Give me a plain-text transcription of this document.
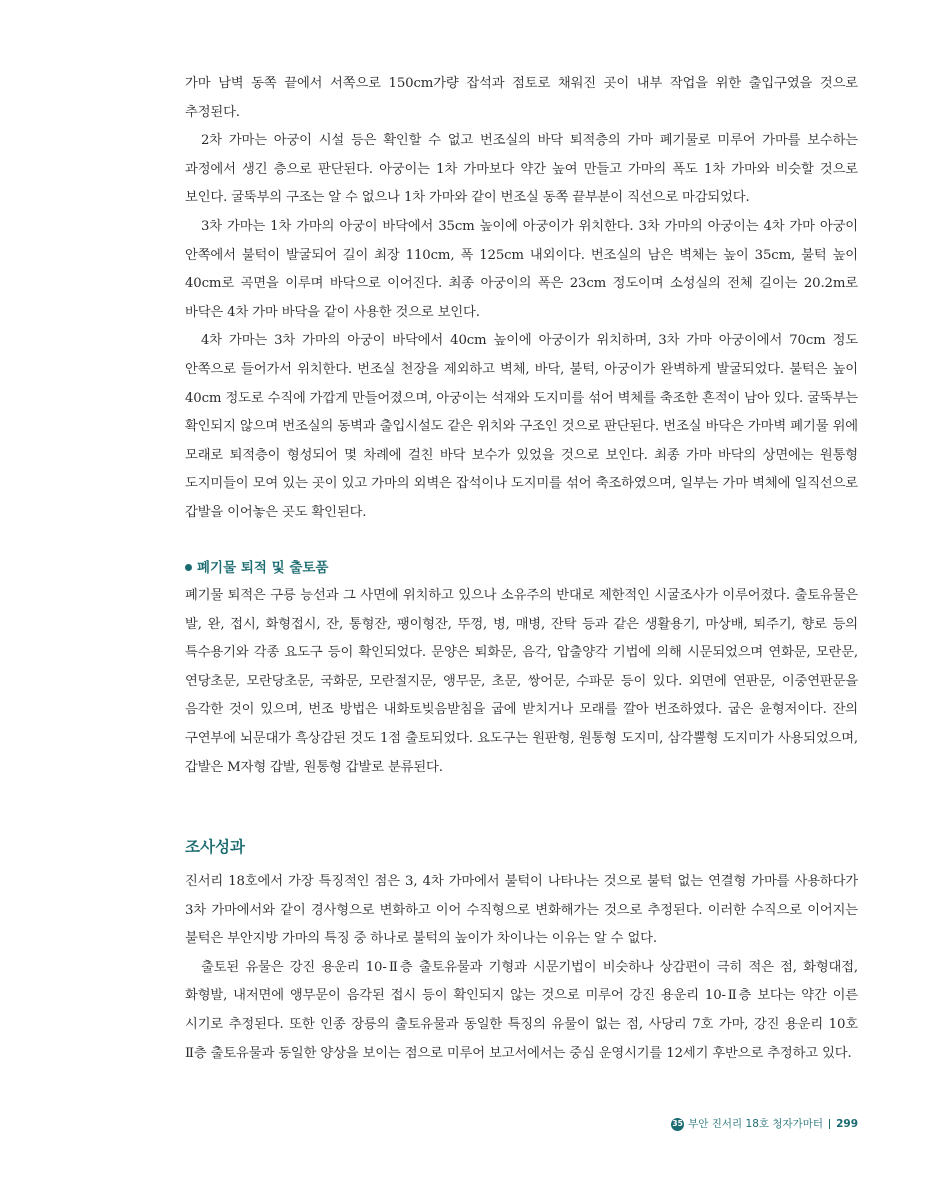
가마 남벽 동쪽 끝에서 서쪽으로 150cm가량 잡석과 점토로 채워진 곳이 내부 작업을 위한 출입구였을 것으로 추정된다.

2차 가마는 아궁이 시설 등은 확인할 수 없고 번조실의 바닥 퇴적층의 가마 폐기물로 미루어 가마를 보수하는 과정에서 생긴 층으로 판단된다. 아궁이는 1차 가마보다 약간 높여 만들고 가마의 폭도 1차 가마와 비슷할 것으로 보인다. 굴뚝부의 구조는 알 수 없으나 1차 가마와 같이 번조실 동쪽 끝부분이 직선으로 마감되었다.

3차 가마는 1차 가마의 아궁이 바닥에서 35cm 높이에 아궁이가 위치한다. 3차 가마의 아궁이는 4차 가마 아궁이 안쪽에서 불턱이 발굴되어 길이 최장 110cm, 폭 125cm 내외이다. 번조실의 남은 벽체는 높이 35cm, 불턱 높이 40cm로 곡면을 이루며 바닥으로 이어진다. 최종 아궁이의 폭은 23cm 정도이며 소성실의 전체 길이는 20.2m로 바닥은 4차 가마 바닥을 같이 사용한 것으로 보인다.

4차 가마는 3차 가마의 아궁이 바닥에서 40cm 높이에 아궁이가 위치하며, 3차 가마 아궁이에서 70cm 정도 안쪽으로 들어가서 위치한다. 번조실 천장을 제외하고 벽체, 바닥, 불턱, 아궁이가 완벽하게 발굴되었다. 불턱은 높이 40cm 정도로 수직에 가깝게 만들어졌으며, 아궁이는 석재와 도지미를 섞어 벽체를 축조한 흔적이 남아 있다. 굴뚝부는 확인되지 않으며 번조실의 동벽과 출입시설도 같은 위치와 구조인 것으로 판단된다. 번조실 바닥은 가마벽 폐기물 위에 모래로 퇴적층이 형성되어 몇 차례에 걸친 바닥 보수가 있었을 것으로 보인다. 최종 가마 바닥의 상면에는 원통형 도지미들이 모여 있는 곳이 있고 가마의 외벽은 잡석이나 도지미를 섞어 축조하였으며, 일부는 가마 벽체에 일직선으로 갑발을 이어놓은 곳도 확인된다.

폐기물 퇴적 및 출토품

폐기물 퇴적은 구릉 능선과 그 사면에 위치하고 있으나 소유주의 반대로 제한적인 시굴조사가 이루어졌다. 출토유물은 발, 완, 접시, 화형접시, 잔, 통형잔, 팽이형잔, 뚜껑, 병, 매병, 잔탁 등과 같은 생활용기, 마상배, 퇴주기, 향로 등의 특수용기와 각종 요도구 등이 확인되었다. 문양은 퇴화문, 음각, 압출양각 기법에 의해 시문되었으며 연화문, 모란문, 연당초문, 모란당초문, 국화문, 모란절지문, 앵무문, 초문, 쌍어문, 수파문 등이 있다. 외면에 연판문, 이중연판문을 음각한 것이 있으며, 번조 방법은 내화토빚음받침을 굽에 받치거나 모래를 깔아 번조하였다. 굽은 윤형저이다. 잔의 구연부에 뇌문대가 흑상감된 것도 1점 출토되었다. 요도구는 원판형, 원통형 도지미, 삼각뿔형 도지미가 사용되었으며, 갑발은 M자형 갑발, 원통형 갑발로 분류된다.

조사성과

진서리 18호에서 가장 특징적인 점은 3, 4차 가마에서 불턱이 나타나는 것으로 불턱 없는 연결형 가마를 사용하다가 3차 가마에서와 같이 경사형으로 변화하고 이어 수직형으로 변화해가는 것으로 추정된다. 이러한 수직으로 이어지는 불턱은 부안지방 가마의 특징 중 하나로 불턱의 높이가 차이나는 이유는 알 수 없다.

출토된 유물은 강진 용운리 10-Ⅱ층 출토유물과 기형과 시문기법이 비슷하나 상감편이 극히 적은 점, 화형대접, 화형발, 내저면에 앵무문이 음각된 접시 등이 확인되지 않는 것으로 미루어 강진 용운리 10-Ⅱ층 보다는 약간 이른 시기로 추정된다. 또한 인종 장릉의 출토유물과 동일한 특징의 유물이 없는 점, 사당리 7호 가마, 강진 용운리 10호 Ⅱ층 출토유물과 동일한 양상을 보이는 점으로 미루어 보고서에서는 중심 운영시기를 12세기 후반으로 추정하고 있다.

35 부안 진서리 18호 청자가마터 299
